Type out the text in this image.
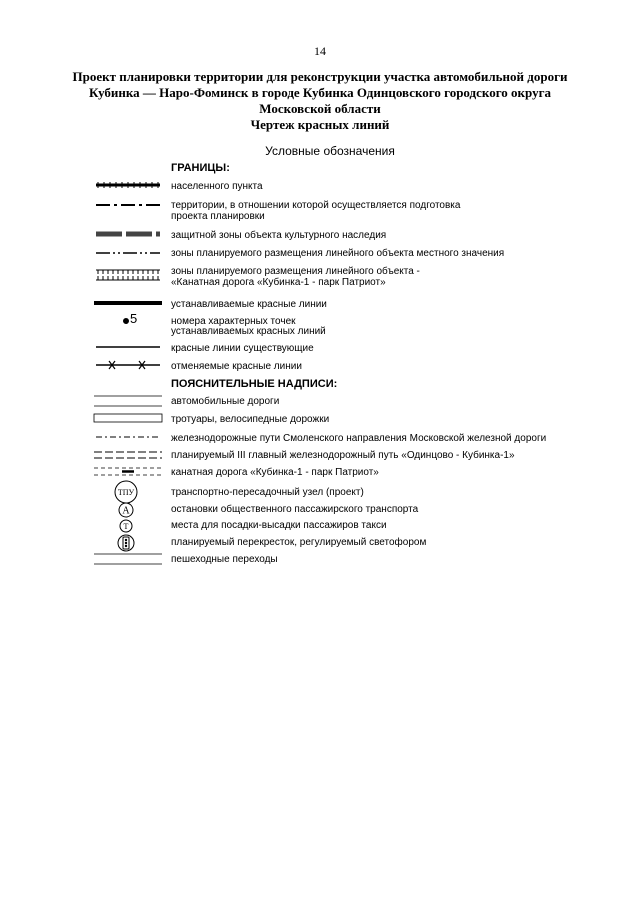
14
Проект планировки территории для реконструкции участка автомобильной дороги
Кубинка — Наро-Фоминск в городе Кубинка Одинцовского городского округа
Московской области
Чертеж красных линий
Условные обозначения
ГРАНИЦЫ:
населенного пункта
территории, в отношении которой осуществляется подготовка
проекта планировки
защитной зоны объекта культурного наследия
зоны планируемого размещения линейного объекта местного значения
зоны планируемого размещения линейного объекта -
«Канатная дорога «Кубинка-1 - парк Патриот»
устанавливаемые красные линии
5	номера характерных точек
устанавливаемых красных линий
красные линии существующие
отменяемые красные линии
ПОЯСНИТЕЛЬНЫЕ НАДПИСИ:
автомобильные дороги
тротуары, велосипедные дорожки
железнодорожные пути Смоленского направления Московской железной дороги
планируемый III главный железнодорожный путь «Одинцово - Кубинка-1»
канатная дорога «Кубинка-1 - парк Патриот»
ТПУ	транспортно-пересадочный узел (проект)
А	остановки общественного пассажирского транспорта
Т	места для посадки-высадки пассажиров такси
планируемый перекресток, регулируемый светофором
пешеходные переходы
